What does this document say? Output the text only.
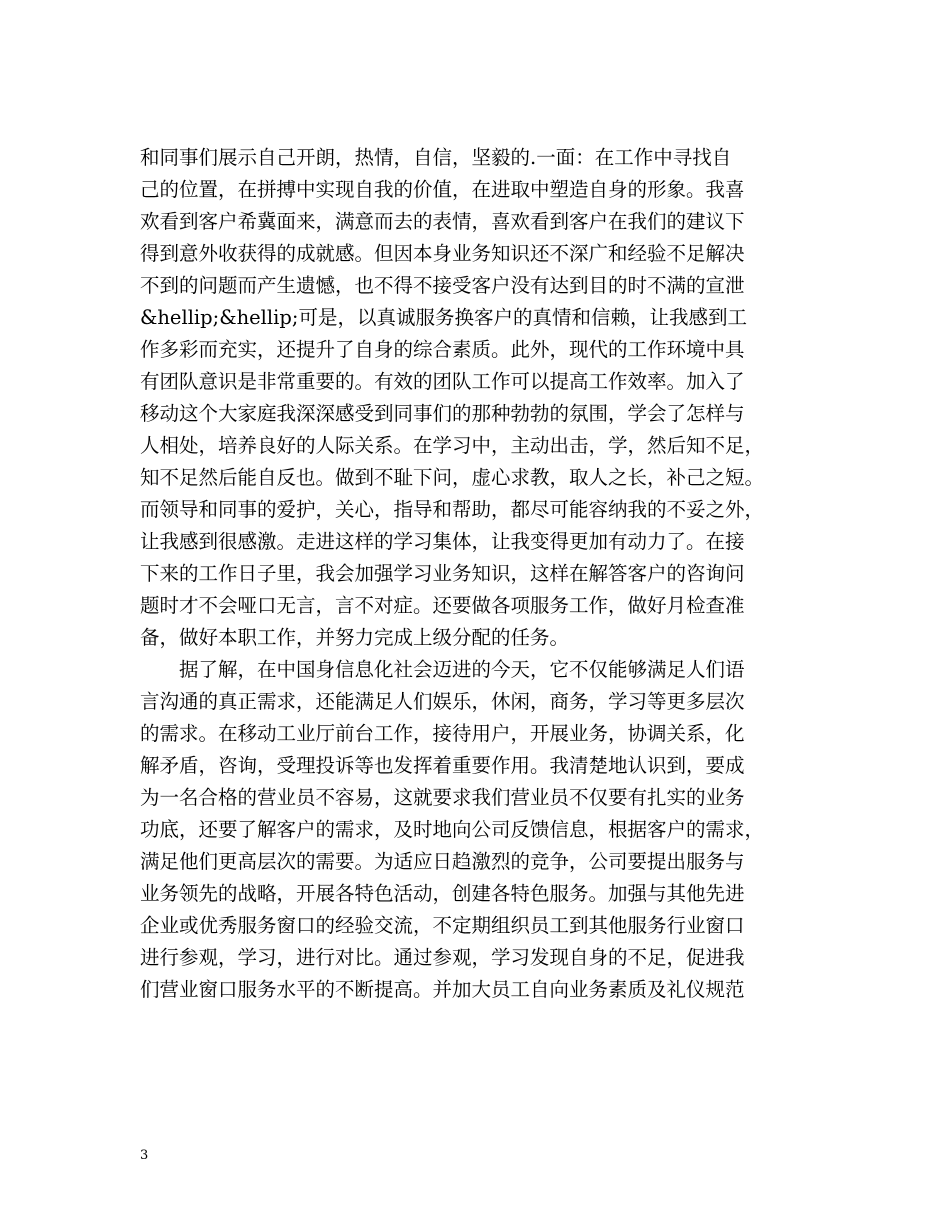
和同事们展示自己开朗，热情，自信，坚毅的.一面：在工作中寻找自
己的位置，在拼搏中实现自我的价值，在进取中塑造自身的形象。我喜
欢看到客户希冀面来，满意而去的表情，喜欢看到客户在我们的建议下
得到意外收获得的成就感。但因本身业务知识还不深广和经验不足解决
不到的问题而产生遗憾，也不得不接受客户没有达到目的时不满的宣泄
&hellip;&hellip;可是，以真诚服务换客户的真情和信赖，让我感到工
作多彩而充实，还提升了自身的综合素质。此外，现代的工作环境中具
有团队意识是非常重要的。有效的团队工作可以提高工作效率。加入了
移动这个大家庭我深深感受到同事们的那种勃勃的氛围，学会了怎样与
人相处，培养良好的人际关系。在学习中，主动出击，学，然后知不足，
知不足然后能自反也。做到不耻下问，虚心求教，取人之长，补己之短。
而领导和同事的爱护，关心，指导和帮助，都尽可能容纳我的不妥之外，
让我感到很感激。走进这样的学习集体，让我变得更加有动力了。在接
下来的工作日子里，我会加强学习业务知识，这样在解答客户的咨询问
题时才不会哑口无言，言不对症。还要做各项服务工作，做好月检查准
备，做好本职工作，并努力完成上级分配的任务。
据了解，在中国身信息化社会迈进的今天，它不仅能够满足人们语
言沟通的真正需求，还能满足人们娱乐，休闲，商务，学习等更多层次
的需求。在移动工业厅前台工作，接待用户，开展业务，协调关系，化
解矛盾，咨询，受理投诉等也发挥着重要作用。我清楚地认识到，要成
为一名合格的营业员不容易，这就要求我们营业员不仅要有扎实的业务
功底，还要了解客户的需求，及时地向公司反馈信息，根据客户的需求，
满足他们更高层次的需要。为适应日趋激烈的竞争，公司要提出服务与
业务领先的战略，开展各特色活动，创建各特色服务。加强与其他先进
企业或优秀服务窗口的经验交流，不定期组织员工到其他服务行业窗口
进行参观，学习，进行对比。通过参观，学习发现自身的不足，促进我
们营业窗口服务水平的不断提高。并加大员工自向业务素质及礼仪规范
3
